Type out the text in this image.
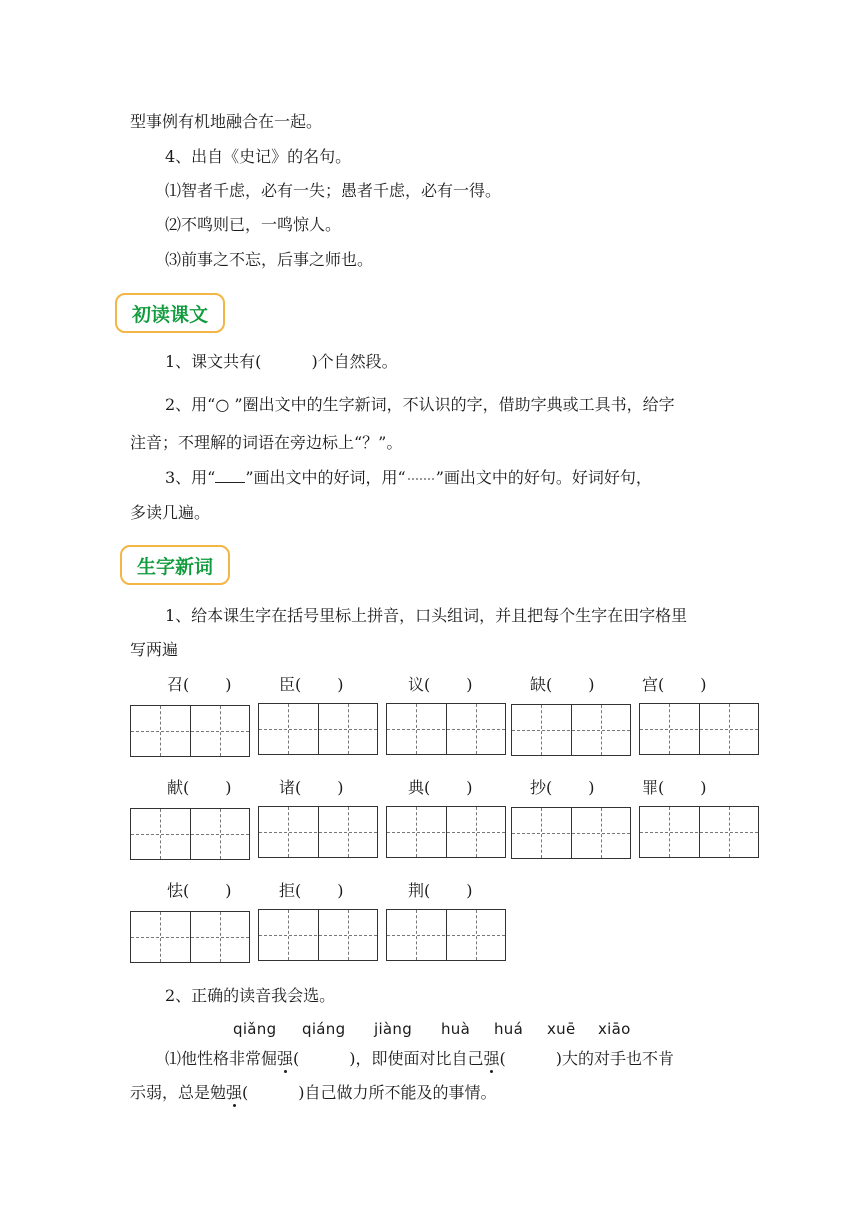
型事例有机地融合在一起。
4、出自《史记》的名句。
⑴智者千虑，必有一失；愚者千虑，必有一得。
⑵不鸣则已，一鸣惊人。
⑶前事之不忘，后事之师也。
初读课文
1、课文共有(	)个自然段。
2、用“○ ”圈出文中的生字新词，不认识的字，借助字典或工具书，给字
注音；不理解的词语在旁边标上“？”。
3、用“ ”画出文中的好词，用“ ”画出文中的好句。好词好句，
多读几遍。
生字新词
1、给本课生字在括号里标上拼音，口头组词，并且把每个生字在田字格里
写两遍
召( )	臣( )	议( )	缺( )	宫( )
献( )	诸( )	典( )	抄( )	罪( )
怯( )	拒( )	荆( )
2、正确的读音我会选。
qiǎng qiáng jiàng huà huá xuē xiāo
⑴他性格非常倔强(	)，即使面对比自己强(	)大的对手也不肯
示弱，总是勉强(	)自己做力所不能及的事情。
